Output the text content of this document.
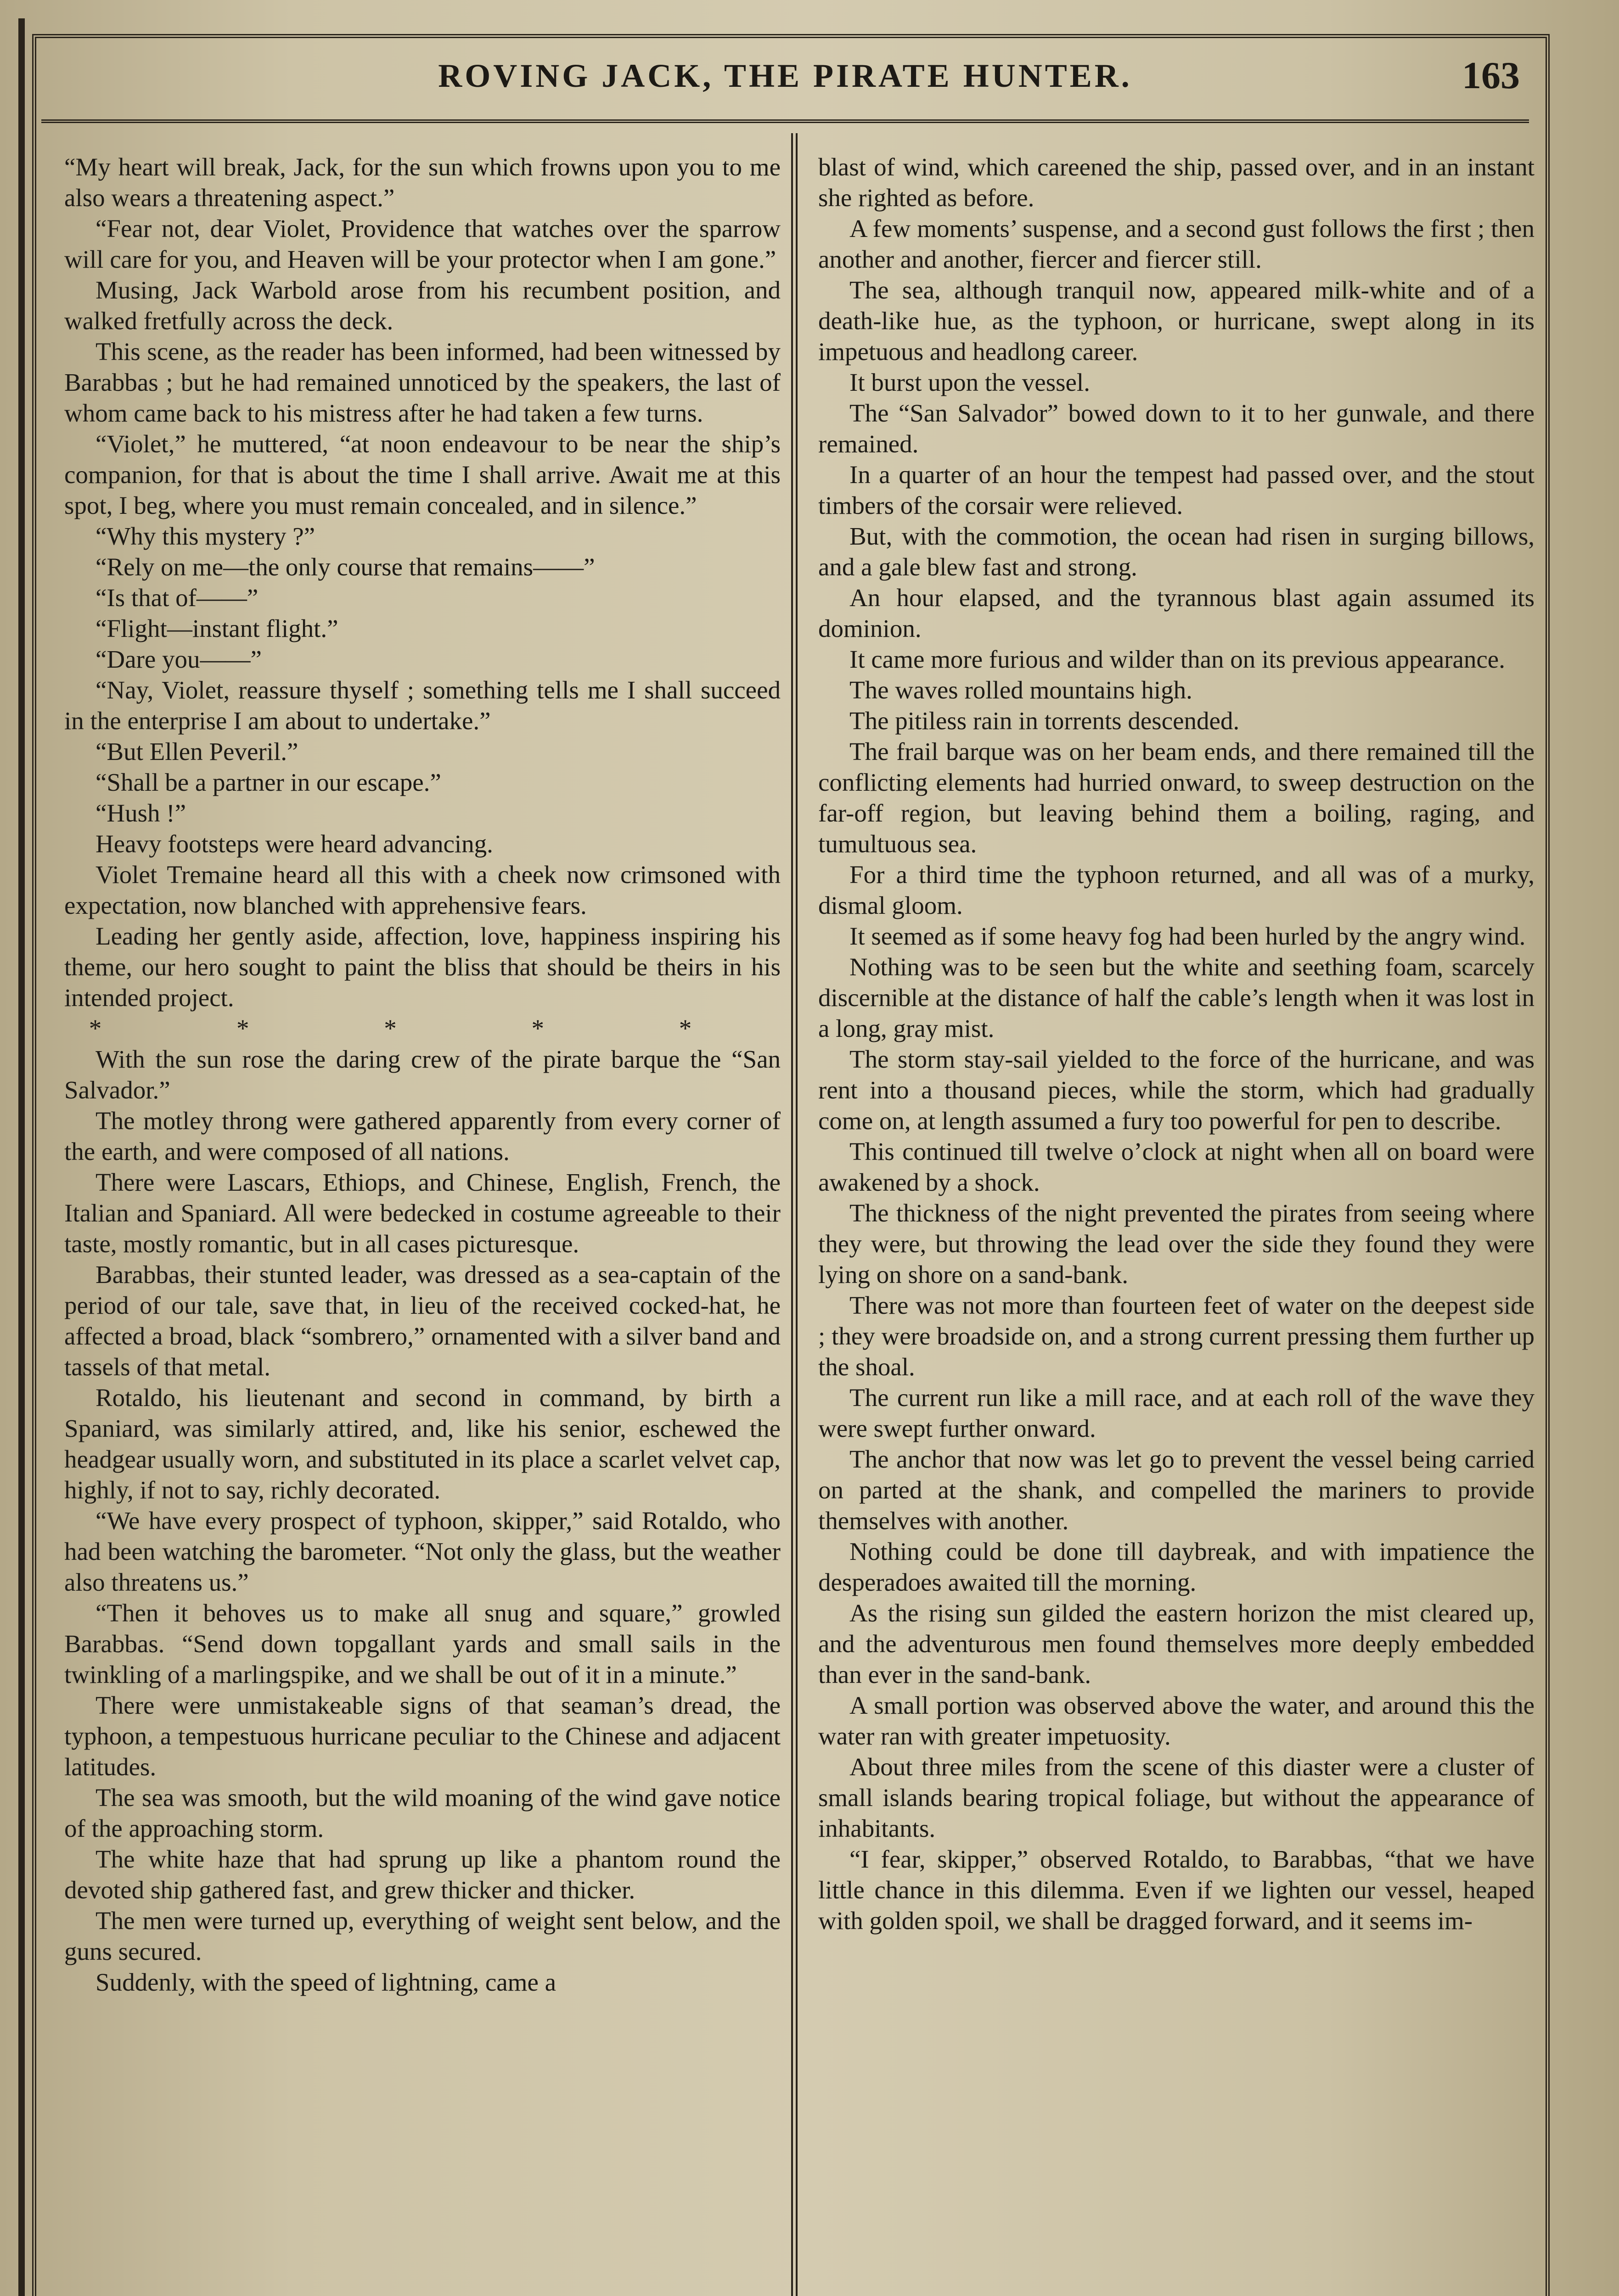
ROVING JACK, THE PIRATE HUNTER.	163

“My heart will break, Jack, for the sun which frowns upon you to me also wears a threatening aspect.”

“Fear not, dear Violet, Providence that watches over the sparrow will care for you, and Heaven will be your protector when I am gone.”

Musing, Jack Warbold arose from his recumbent position, and walked fretfully across the deck.

This scene, as the reader has been informed, had been witnessed by Barabbas ; but he had remained unnoticed by the speakers, the last of whom came back to his mistress after he had taken a few turns.

“Violet,” he muttered, “at noon endeavour to be near the ship’s companion, for that is about the time I shall arrive. Await me at this spot, I beg, where you must remain concealed, and in silence.”

“Why this mystery ?”

“Rely on me—the only course that remains——”

“Is that of——”

“Flight—instant flight.”

“Dare you——”

“Nay, Violet, reassure thyself ; something tells me I shall succeed in the enterprise I am about to undertake.”

“But Ellen Peveril.”

“Shall be a partner in our escape.”

“Hush !”

Heavy footsteps were heard advancing.

Violet Tremaine heard all this with a cheek now crimsoned with expectation, now blanched with apprehensive fears.

Leading her gently aside, affection, love, happiness inspiring his theme, our hero sought to paint the bliss that should be theirs in his intended project.

* * * * *

With the sun rose the daring crew of the pirate barque the “San Salvador.”

The motley throng were gathered apparently from every corner of the earth, and were composed of all nations.

There were Lascars, Ethiops, and Chinese, English, French, the Italian and Spaniard. All were bedecked in costume agreeable to their taste, mostly romantic, but in all cases picturesque.

Barabbas, their stunted leader, was dressed as a sea-captain of the period of our tale, save that, in lieu of the received cocked-hat, he affected a broad, black “sombrero,” ornamented with a silver band and tassels of that metal.

Rotaldo, his lieutenant and second in command, by birth a Spaniard, was similarly attired, and, like his senior, eschewed the headgear usually worn, and substituted in its place a scarlet velvet cap, highly, if not to say, richly decorated.

“We have every prospect of typhoon, skipper,” said Rotaldo, who had been watching the barometer. “Not only the glass, but the weather also threatens us.”

“Then it behoves us to make all snug and square,” growled Barabbas. “Send down topgallant yards and small sails in the twinkling of a marlingspike, and we shall be out of it in a minute.”

There were unmistakeable signs of that seaman’s dread, the typhoon, a tempestuous hurricane peculiar to the Chinese and adjacent latitudes.

The sea was smooth, but the wild moaning of the wind gave notice of the approaching storm.

The white haze that had sprung up like a phantom round the devoted ship gathered fast, and grew thicker and thicker.

The men were turned up, everything of weight sent below, and the guns secured.

Suddenly, with the speed of lightning, came a

blast of wind, which careened the ship, passed over, and in an instant she righted as before.

A few moments’ suspense, and a second gust follows the first ; then another and another, fiercer and fiercer still.

The sea, although tranquil now, appeared milk-white and of a death-like hue, as the typhoon, or hurricane, swept along in its impetuous and headlong career.

It burst upon the vessel.

The “San Salvador” bowed down to it to her gunwale, and there remained.

In a quarter of an hour the tempest had passed over, and the stout timbers of the corsair were relieved.

But, with the commotion, the ocean had risen in surging billows, and a gale blew fast and strong.

An hour elapsed, and the tyrannous blast again assumed its dominion.

It came more furious and wilder than on its previous appearance.

The waves rolled mountains high.

The pitiless rain in torrents descended.

The frail barque was on her beam ends, and there remained till the conflicting elements had hurried onward, to sweep destruction on the far-off region, but leaving behind them a boiling, raging, and tumultuous sea.

For a third time the typhoon returned, and all was of a murky, dismal gloom.

It seemed as if some heavy fog had been hurled by the angry wind.

Nothing was to be seen but the white and seething foam, scarcely discernible at the distance of half the cable’s length when it was lost in a long, gray mist.

The storm stay-sail yielded to the force of the hurricane, and was rent into a thousand pieces, while the storm, which had gradually come on, at length assumed a fury too powerful for pen to describe.

This continued till twelve o’clock at night when all on board were awakened by a shock.

The thickness of the night prevented the pirates from seeing where they were, but throwing the lead over the side they found they were lying on shore on a sand-bank.

There was not more than fourteen feet of water on the deepest side ; they were broadside on, and a strong current pressing them further up the shoal.

The current run like a mill race, and at each roll of the wave they were swept further onward.

The anchor that now was let go to prevent the vessel being carried on parted at the shank, and compelled the mariners to provide themselves with another.

Nothing could be done till daybreak, and with impatience the desperadoes awaited till the morning.

As the rising sun gilded the eastern horizon the mist cleared up, and the adventurous men found themselves more deeply embedded than ever in the sand-bank.

A small portion was observed above the water, and around this the water ran with greater impetuosity.

About three miles from the scene of this diaster were a cluster of small islands bearing tropical foliage, but without the appearance of inhabitants.

“I fear, skipper,” observed Rotaldo, to Barabbas, “that we have little chance in this dilemma. Even if we lighten our vessel, heaped with golden spoil, we shall be dragged forward, and it seems im-
